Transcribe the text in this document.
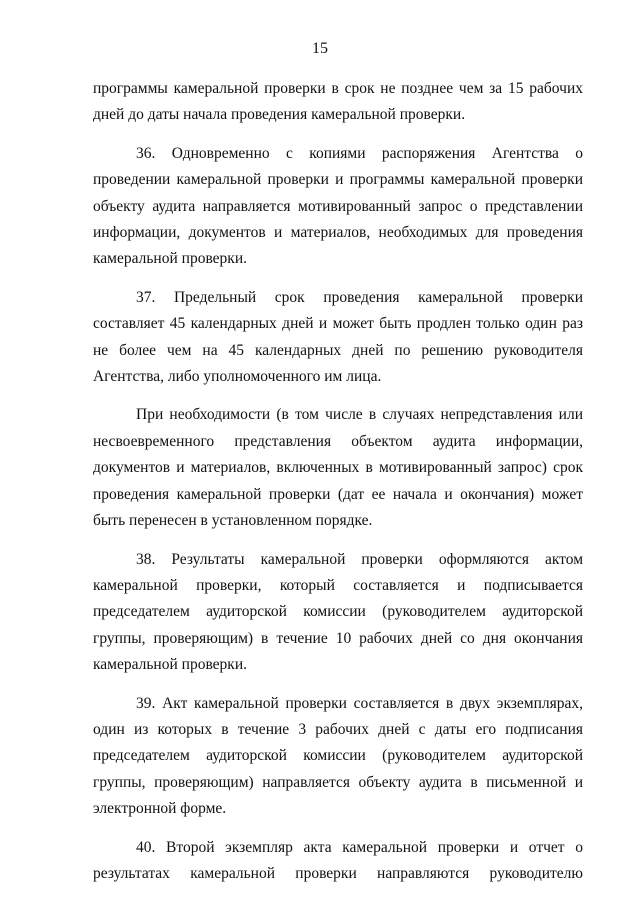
15

программы камеральной проверки в срок не позднее чем за 15 рабочих дней до даты начала проведения камеральной проверки.

36. Одновременно с копиями распоряжения Агентства о проведении камеральной проверки и программы камеральной проверки объекту аудита направляется мотивированный запрос о представлении информации, документов и материалов, необходимых для проведения камеральной проверки.

37. Предельный срок проведения камеральной проверки составляет 45 календарных дней и может быть продлен только один раз не более чем на 45 календарных дней по решению руководителя Агентства, либо уполномоченного им лица.

При необходимости (в том числе в случаях непредставления или несвоевременного представления объектом аудита информации, документов и материалов, включенных в мотивированный запрос) срок проведения камеральной проверки (дат ее начала и окончания) может быть перенесен в установленном порядке.

38. Результаты камеральной проверки оформляются актом камеральной проверки, который составляется и подписывается председателем аудиторской комиссии (руководителем аудиторской группы, проверяющим) в течение 10 рабочих дней со дня окончания камеральной проверки.

39. Акт камеральной проверки составляется в двух экземплярах, один из которых в течение 3 рабочих дней с даты его подписания председателем аудиторской комиссии (руководителем аудиторской группы, проверяющим) направляется объекту аудита в письменной и электронной форме.

40. Второй экземпляр акта камеральной проверки и отчет о результатах камеральной проверки направляются руководителю
